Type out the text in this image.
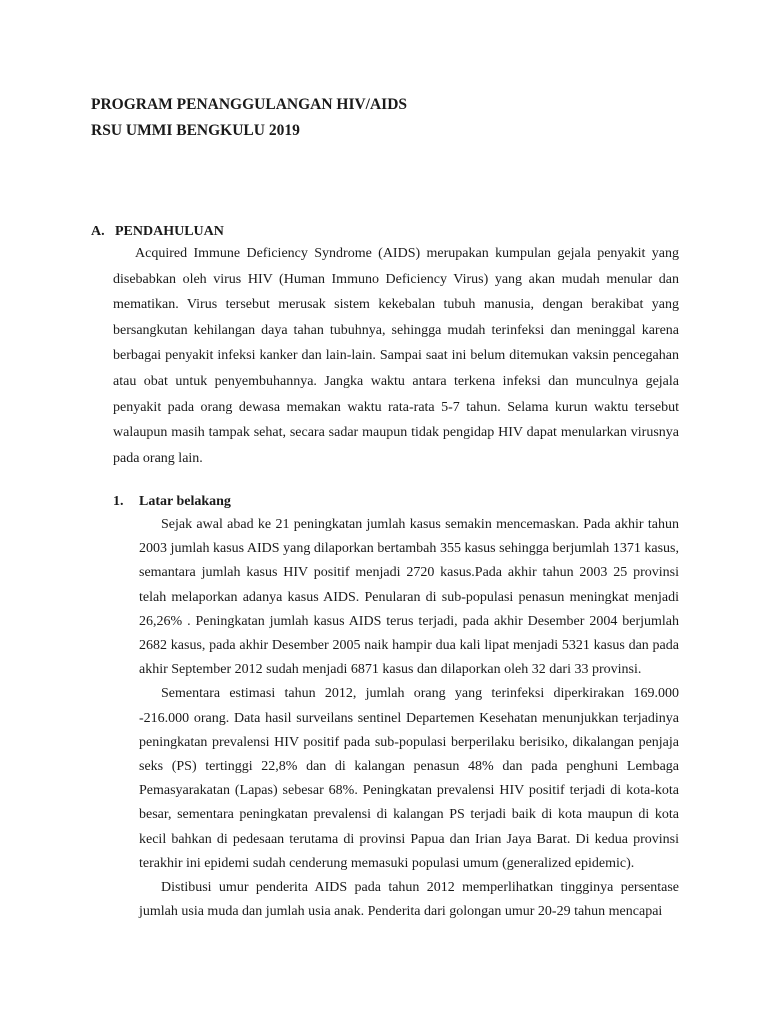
PROGRAM PENANGGULANGAN HIV/AIDS
RSU UMMI BENGKULU 2019
A. PENDAHULUAN

Acquired Immune Deficiency Syndrome (AIDS) merupakan kumpulan gejala penyakit yang disebabkan oleh virus HIV (Human Immuno Deficiency Virus) yang akan mudah menular dan mematikan. Virus tersebut merusak sistem kekebalan tubuh manusia, dengan berakibat yang bersangkutan kehilangan daya tahan tubuhnya, sehingga mudah terinfeksi dan meninggal karena berbagai penyakit infeksi kanker dan lain-lain. Sampai saat ini belum ditemukan vaksin pencegahan atau obat untuk penyembuhannya. Jangka waktu antara terkena infeksi dan munculnya gejala penyakit pada orang dewasa memakan waktu rata-rata 5-7 tahun. Selama kurun waktu tersebut walaupun masih tampak sehat, secara sadar maupun tidak pengidap HIV dapat menularkan virusnya pada orang lain.

1. Latar belakang

Sejak awal abad ke 21 peningkatan jumlah kasus semakin mencemaskan. Pada akhir tahun 2003 jumlah kasus AIDS yang dilaporkan bertambah 355 kasus sehingga berjumlah 1371 kasus, semantara jumlah kasus HIV positif menjadi 2720 kasus.Pada akhir tahun 2003 25 provinsi telah melaporkan adanya kasus AIDS. Penularan di sub-populasi penasun meningkat menjadi 26,26% . Peningkatan jumlah kasus AIDS terus terjadi, pada akhir Desember 2004 berjumlah 2682 kasus, pada akhir Desember 2005 naik hampir dua kali lipat menjadi 5321 kasus dan pada akhir September 2012 sudah menjadi 6871 kasus dan dilaporkan oleh 32 dari 33 provinsi.

Sementara estimasi tahun 2012, jumlah orang yang terinfeksi diperkirakan 169.000 -216.000 orang. Data hasil surveilans sentinel Departemen Kesehatan menunjukkan terjadinya peningkatan prevalensi HIV positif pada sub-populasi berperilaku berisiko, dikalangan penjaja seks (PS) tertinggi 22,8% dan di kalangan penasun 48% dan pada penghuni Lembaga Pemasyarakatan (Lapas) sebesar 68%. Peningkatan prevalensi HIV positif terjadi di kota-kota besar, sementara peningkatan prevalensi di kalangan PS terjadi baik di kota maupun di kota kecil bahkan di pedesaan terutama di provinsi Papua dan Irian Jaya Barat. Di kedua provinsi terakhir ini epidemi sudah cenderung memasuki populasi umum (generalized epidemic).

Distibusi umur penderita AIDS pada tahun 2012 memperlihatkan tingginya persentase jumlah usia muda dan jumlah usia anak. Penderita dari golongan umur 20-29 tahun mencapai
